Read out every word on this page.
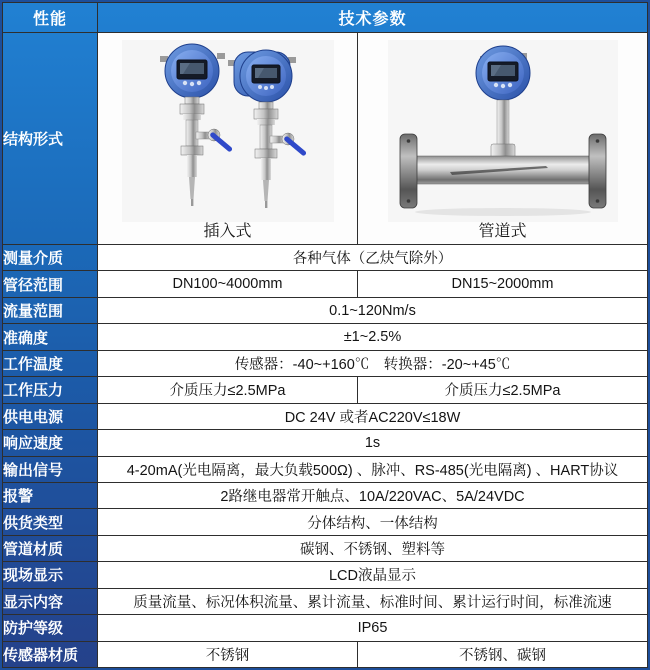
性能	技术参数	
结构形式	插入式	管道式

测量介质	各种气体（乙炔气除外）	
管径范围	DN100~4000mm	DN15~2000mm
流量范围	0.1~120Nm/s	
准确度	±1~2.5%	
工作温度	传感器：-40~+160℃　转换器：-20~+45℃	
工作压力	介质压力≤2.5MPa	介质压力≤2.5MPa
供电电源	DC 24V 或者AC220V≤18W	
响应速度	1s	
输出信号	4-20mA(光电隔离，最大负载500Ω) 、脉冲、RS-485(光电隔离) 、HART协议	
报警	2路继电器常开触点、10A/220VAC、5A/24VDC	
供货类型	分体结构、一体结构	
管道材质	碳钢、不锈钢、塑料等	
现场显示	LCD液晶显示	
显示内容	质量流量、标况体积流量、累计流量、标准时间、累计运行时间，标准流速	
防护等级	IP65	
传感器材质	不锈钢	不锈钢、碳钢
